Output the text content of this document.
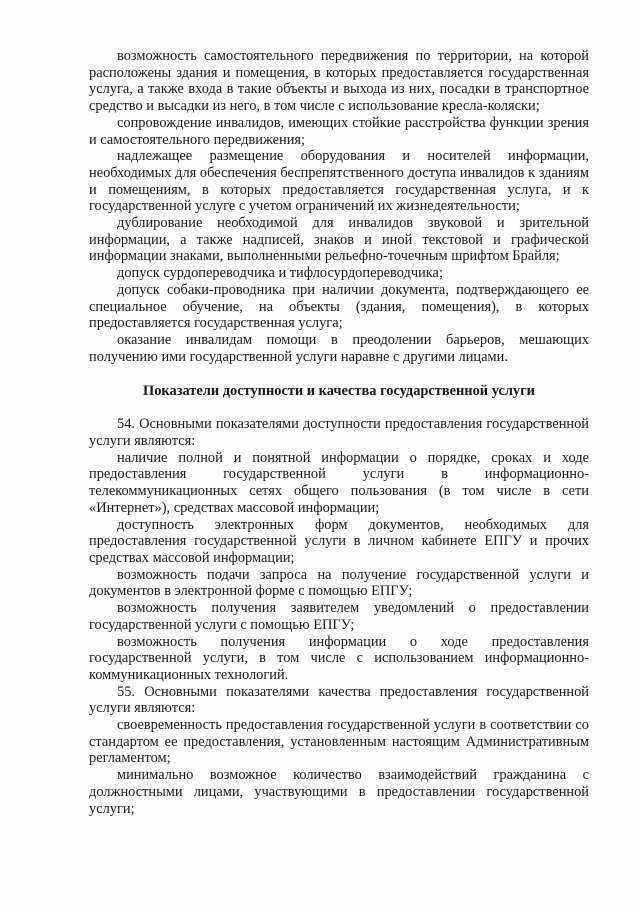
возможность самостоятельного передвижения по территории, на которой расположены здания и помещения, в которых предоставляется государственная услуга, а также входа в такие объекты и выхода из них, посадки в транспортное средство и высадки из него, в том числе с использование кресла-коляски;

сопровождение инвалидов, имеющих стойкие расстройства функции зрения и самостоятельного передвижения;

надлежащее размещение оборудования и носителей информации, необходимых для обеспечения беспрепятственного доступа инвалидов к зданиям и помещениям, в которых предоставляется государственная услуга, и к государственной услуге с учетом ограничений их жизнедеятельности;

дублирование необходимой для инвалидов звуковой и зрительной информации, а также надписей, знаков и иной текстовой и графической информации знаками, выполненными рельефно-точечным шрифтом Брайля;

допуск сурдопереводчика и тифлосурдопереводчика;

допуск собаки-проводника при наличии документа, подтверждающего ее специальное обучение, на объекты (здания, помещения), в которых предоставляется государственная услуга;

оказание инвалидам помощи в преодолении барьеров, мешающих получению ими государственной услуги наравне с другими лицами.

Показатели доступности и качества государственной услуги

54. Основными показателями доступности предоставления государственной услуги являются:

наличие полной и понятной информации о порядке, сроках и ходе предоставления государственной услуги в информационно-телекоммуникационных сетях общего пользования (в том числе в сети «Интернет»), средствах массовой информации;

доступность электронных форм документов, необходимых для предоставления государственной услуги в личном кабинете ЕПГУ и прочих средствах массовой информации;

возможность подачи запроса на получение государственной услуги и документов в электронной форме с помощью ЕПГУ;

возможность получения заявителем уведомлений о предоставлении государственной услуги с помощью ЕПГУ;

возможность получения информации о ходе предоставления государственной услуги, в том числе с использованием информационно-коммуникационных технологий.

55. Основными показателями качества предоставления государственной услуги являются:

своевременность предоставления государственной услуги в соответствии со стандартом ее предоставления, установленным настоящим Административным регламентом;

минимально возможное количество взаимодействий гражданина с должностными лицами, участвующими в предоставлении государственной услуги;
